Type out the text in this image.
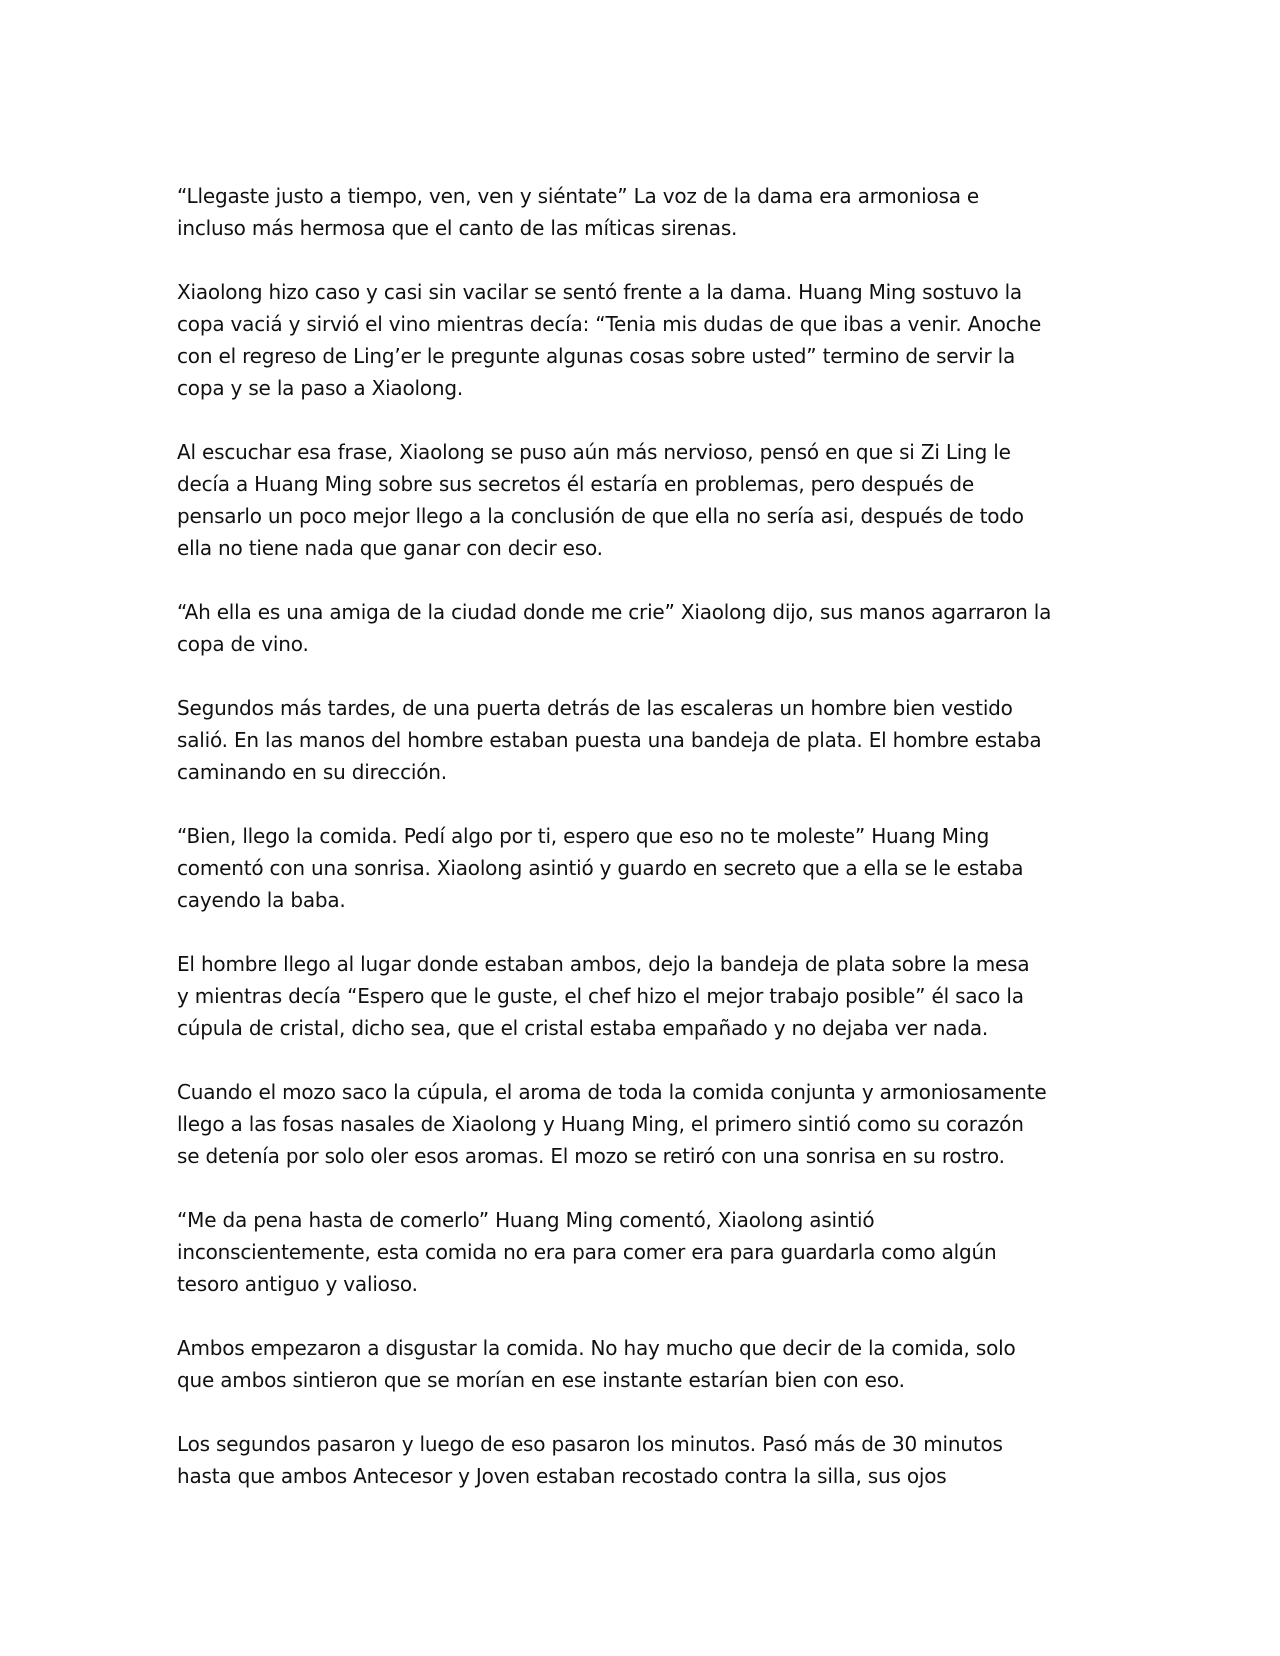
“Llegaste justo a tiempo, ven, ven y siéntate” La voz de la dama era armoniosa e
incluso más hermosa que el canto de las míticas sirenas.
Xiaolong hizo caso y casi sin vacilar se sentó frente a la dama. Huang Ming sostuvo la
copa vaciá y sirvió el vino mientras decía: “Tenia mis dudas de que ibas a venir. Anoche
con el regreso de Ling’er le pregunte algunas cosas sobre usted” termino de servir la
copa y se la paso a Xiaolong.
Al escuchar esa frase, Xiaolong se puso aún más nervioso, pensó en que si Zi Ling le
decía a Huang Ming sobre sus secretos él estaría en problemas, pero después de
pensarlo un poco mejor llego a la conclusión de que ella no sería asi, después de todo
ella no tiene nada que ganar con decir eso.
“Ah ella es una amiga de la ciudad donde me crie” Xiaolong dijo, sus manos agarraron la
copa de vino.
Segundos más tardes, de una puerta detrás de las escaleras un hombre bien vestido
salió. En las manos del hombre estaban puesta una bandeja de plata. El hombre estaba
caminando en su dirección.
“Bien, llego la comida. Pedí algo por ti, espero que eso no te moleste” Huang Ming
comentó con una sonrisa. Xiaolong asintió y guardo en secreto que a ella se le estaba
cayendo la baba.
El hombre llego al lugar donde estaban ambos, dejo la bandeja de plata sobre la mesa
y mientras decía “Espero que le guste, el chef hizo el mejor trabajo posible” él saco la
cúpula de cristal, dicho sea, que el cristal estaba empañado y no dejaba ver nada.
Cuando el mozo saco la cúpula, el aroma de toda la comida conjunta y armoniosamente
llego a las fosas nasales de Xiaolong y Huang Ming, el primero sintió como su corazón
se detenía por solo oler esos aromas. El mozo se retiró con una sonrisa en su rostro.
“Me da pena hasta de comerlo” Huang Ming comentó, Xiaolong asintió
inconscientemente, esta comida no era para comer era para guardarla como algún
tesoro antiguo y valioso.
Ambos empezaron a disgustar la comida. No hay mucho que decir de la comida, solo
que ambos sintieron que se morían en ese instante estarían bien con eso.
Los segundos pasaron y luego de eso pasaron los minutos. Pasó más de 30 minutos
hasta que ambos Antecesor y Joven estaban recostado contra la silla, sus ojos
